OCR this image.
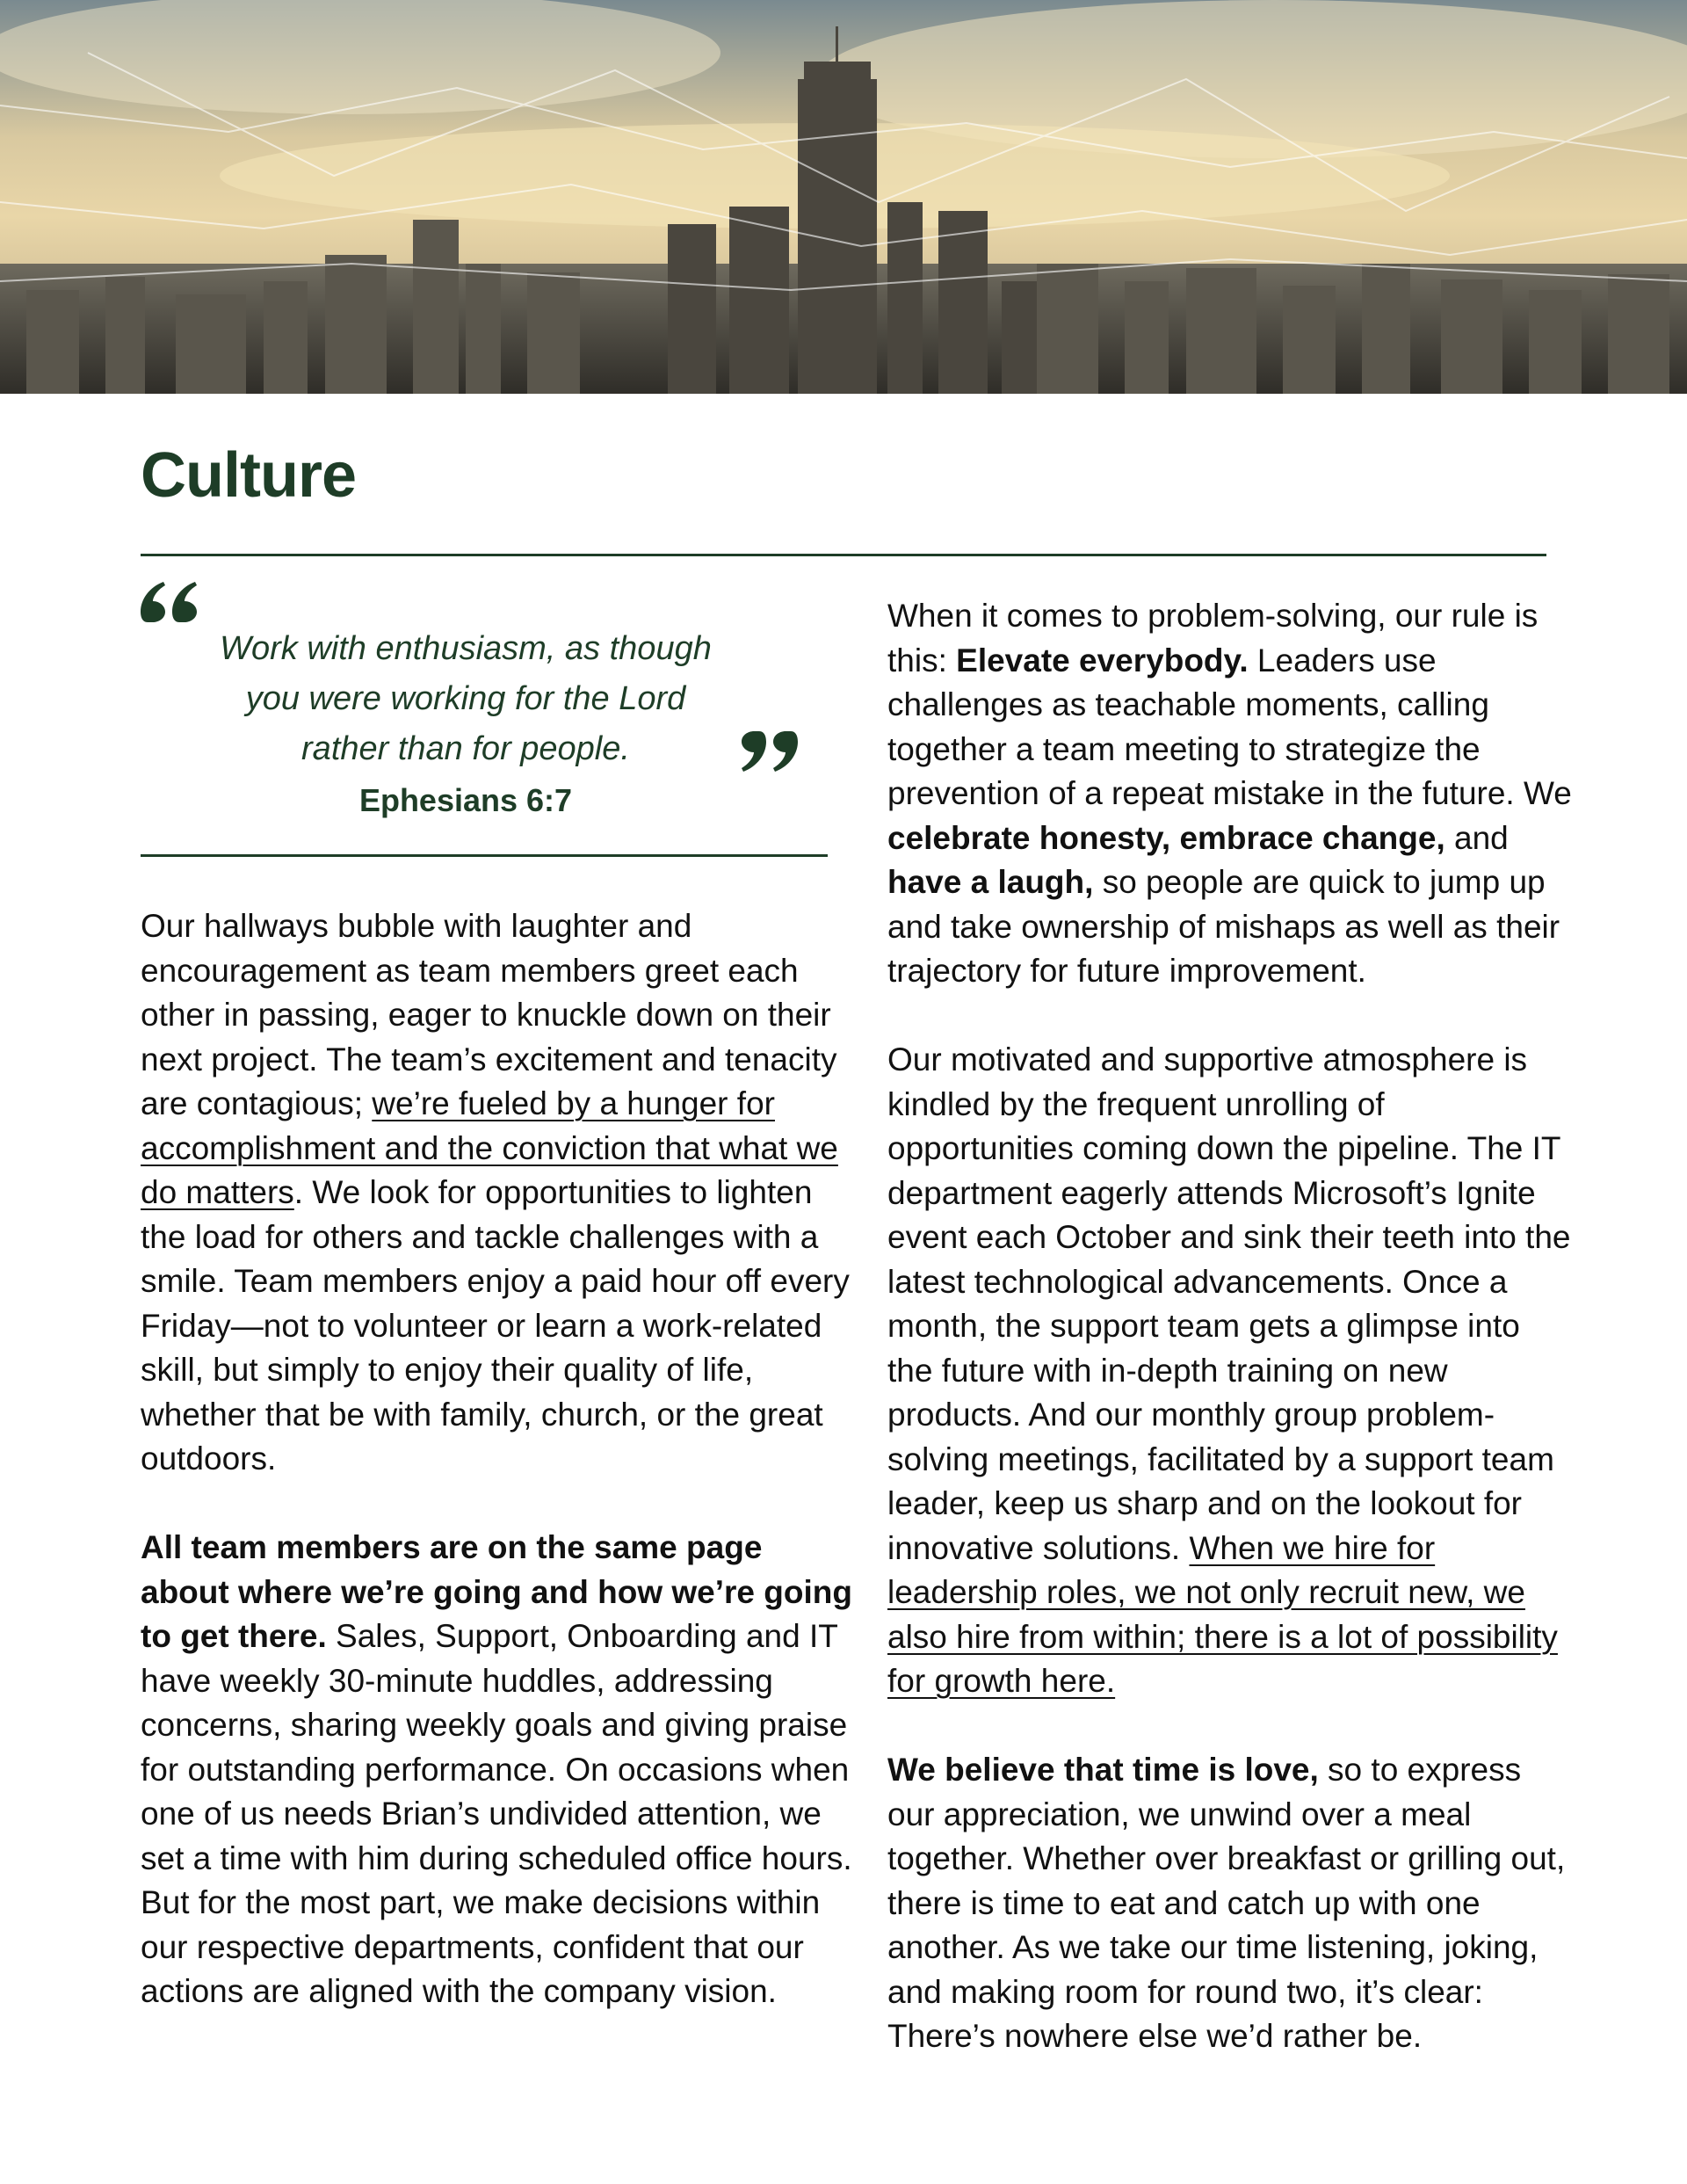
Culture

Work with enthusiasm, as though you were working for the Lord rather than for people.

Ephesians 6:7

Our hallways bubble with laughter and encouragement as team members greet each other in passing, eager to knuckle down on their next project. The team’s excitement and tenacity are contagious; we’re fueled by a hunger for accomplishment and the conviction that what we do matters. We look for opportunities to lighten the load for others and tackle challenges with a smile. Team members enjoy a paid hour off every Friday—not to volunteer or learn a work-related skill, but simply to enjoy their quality of life, whether that be with family, church, or the great outdoors.

All team members are on the same page about where we’re going and how we’re going to get there. Sales, Support, Onboarding and IT have weekly 30-minute huddles, addressing concerns, sharing weekly goals and giving praise for outstanding performance. On occasions when one of us needs Brian’s undivided attention, we set a time with him during scheduled office hours. But for the most part, we make decisions within our respective departments, confident that our actions are aligned with the company vision.

When it comes to problem-solving, our rule is this: Elevate everybody. Leaders use challenges as teachable moments, calling together a team meeting to strategize the prevention of a repeat mistake in the future. We celebrate honesty, embrace change, and have a laugh, so people are quick to jump up and take ownership of mishaps as well as their trajectory for future improvement.

Our motivated and supportive atmosphere is kindled by the frequent unrolling of opportunities coming down the pipeline. The IT department eagerly attends Microsoft’s Ignite event each October and sink their teeth into the latest technological advancements. Once a month, the support team gets a glimpse into the future with in-depth training on new products. And our monthly group problem-solving meetings, facilitated by a support team leader, keep us sharp and on the lookout for innovative solutions. When we hire for leadership roles, we not only recruit new, we also hire from within; there is a lot of possibility for growth here.

We believe that time is love, so to express our appreciation, we unwind over a meal together. Whether over breakfast or grilling out, there is time to eat and catch up with one another. As we take our time listening, joking, and making room for round two, it’s clear: There’s nowhere else we’d rather be.
